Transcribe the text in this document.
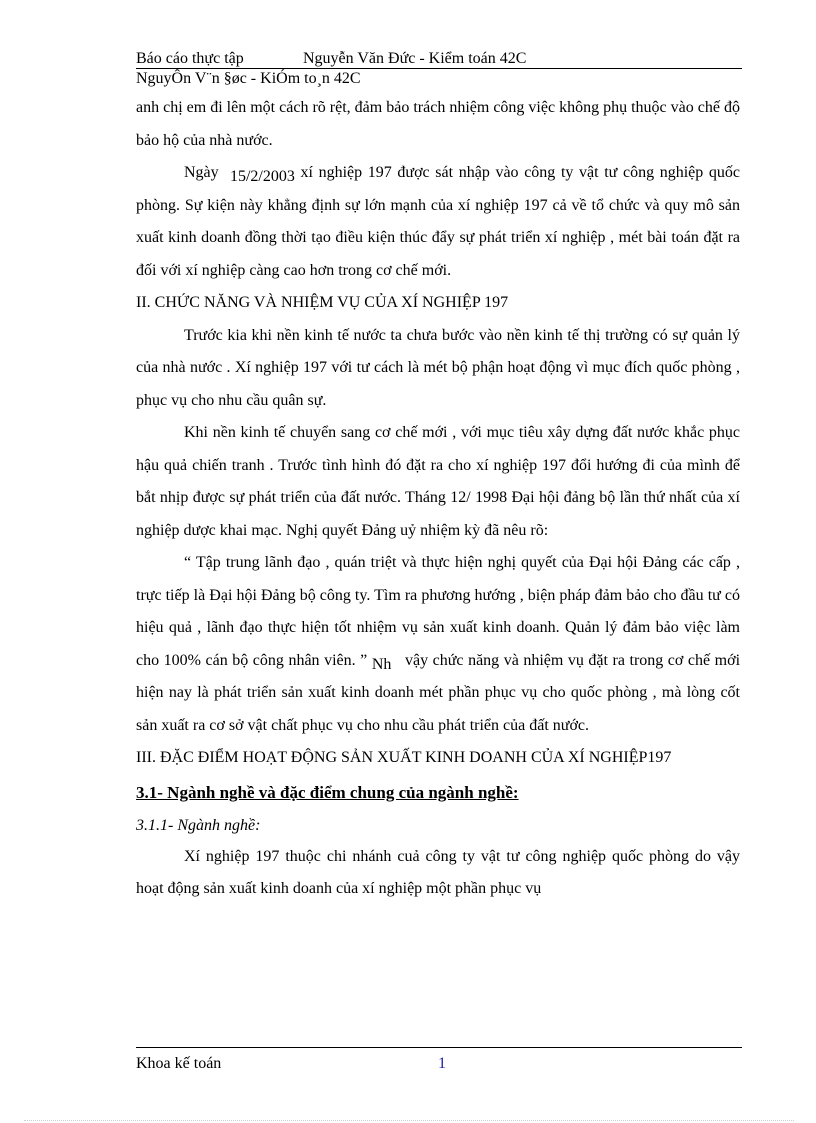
Báo cáo thực tập	Nguyễn Văn Đức - Kiểm toán 42C
NguyÔn V¨n §øc - KiÓm to¸n 42C

anh chị em đi lên một cách rõ rệt, đảm bảo trách nhiệm công việc không phụ thuộc vào chế độ bảo hộ của nhà nước.

Ngày 15/2/2003 xí nghiệp 197 được sát nhập vào công ty vật tư công nghiệp quốc phòng. Sự kiện này khẳng định sự lớn mạnh của xí nghiệp 197 cả về tổ chức và quy mô sản xuất kinh doanh đồng thời tạo điều kiện thúc đẩy sự phát triển xí nghiệp , mét bài toán đặt ra đối với xí nghiệp càng cao hơn trong cơ chế mới.

II. CHỨC NĂNG VÀ NHIỆM VỤ CỦA XÍ NGHIỆP 197

Trước kia khi nền kinh tế nước ta chưa bước vào nền kinh tế thị trường có sự quản lý của nhà nước . Xí nghiệp 197 với tư cách là mét bộ phận hoạt động vì mục đích quốc phòng , phục vụ cho nhu cầu quân sự.

Khi nền kinh tế chuyển sang cơ chế mới , với mục tiêu xây dựng đất nước khắc phục hậu quả chiến tranh . Trước tình hình đó đặt ra cho xí nghiệp 197 đổi hướng đi của mình để bắt nhịp được sự phát triển của đất nước. Tháng 12/ 1998 Đại hội đảng bộ lần thứ nhất của xí nghiệp dược khai mạc. Nghị quyết Đảng uỷ nhiệm kỳ đã nêu rõ:

“ Tập trung lãnh đạo , quán triệt và thực hiện nghị quyết của Đại hội Đảng các cấp , trực tiếp là Đại hội Đảng bộ công ty. Tìm ra phương hướng , biện pháp đảm bảo cho đầu tư có hiệu quả , lãnh đạo thực hiện tốt nhiệm vụ sản xuất kinh doanh. Quản lý đảm bảo việc làm cho 100% cán bộ công nhân viên. ” Nh vậy chức năng và nhiệm vụ đặt ra trong cơ chế mới hiện nay là phát triển sản xuất kinh doanh mét phần phục vụ cho quốc phòng , mà lòng cốt sản xuất ra cơ sở vật chất phục vụ cho nhu cầu phát triển của đất nước.

III. ĐẶC ĐIỂM HOẠT ĐỘNG SẢN XUẤT KINH DOANH CỦA XÍ NGHIỆP197

3.1- Ngành nghề và đặc điểm chung của ngành nghề:

3.1.1- Ngành nghề:

Xí nghiệp 197 thuộc chi nhánh cuả công ty vật tư công nghiệp quốc phòng do vậy hoạt động sản xuất kinh doanh của xí nghiệp một phần phục vụ

Khoa kế toán	1
